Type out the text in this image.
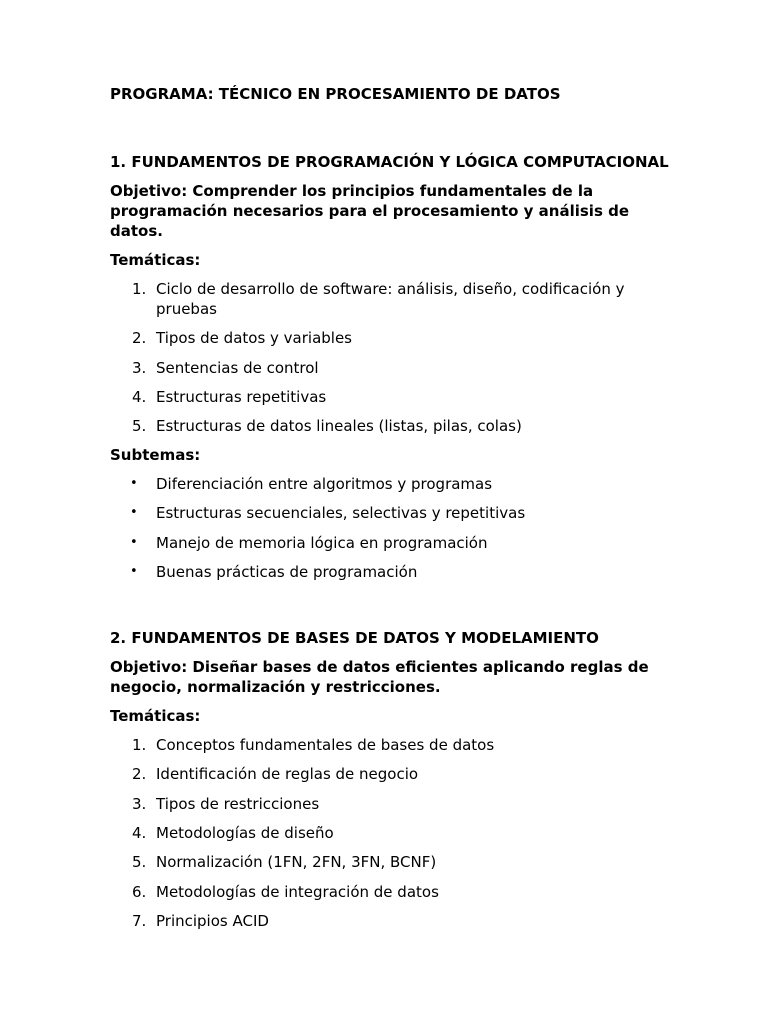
PROGRAMA: TÉCNICO EN PROCESAMIENTO DE DATOS

1. FUNDAMENTOS DE PROGRAMACIÓN Y LÓGICA COMPUTACIONAL

Objetivo: Comprender los principios fundamentales de la programación necesarios para el procesamiento y análisis de datos.

Temáticas:

1. Ciclo de desarrollo de software: análisis, diseño, codificación y pruebas
2. Tipos de datos y variables
3. Sentencias de control
4. Estructuras repetitivas
5. Estructuras de datos lineales (listas, pilas, colas)

Subtemas:

• Diferenciación entre algoritmos y programas
• Estructuras secuenciales, selectivas y repetitivas
• Manejo de memoria lógica en programación
• Buenas prácticas de programación

2. FUNDAMENTOS DE BASES DE DATOS Y MODELAMIENTO

Objetivo: Diseñar bases de datos eficientes aplicando reglas de negocio, normalización y restricciones.

Temáticas:

1. Conceptos fundamentales de bases de datos
2. Identificación de reglas de negocio
3. Tipos de restricciones
4. Metodologías de diseño
5. Normalización (1FN, 2FN, 3FN, BCNF)
6. Metodologías de integración de datos
7. Principios ACID
